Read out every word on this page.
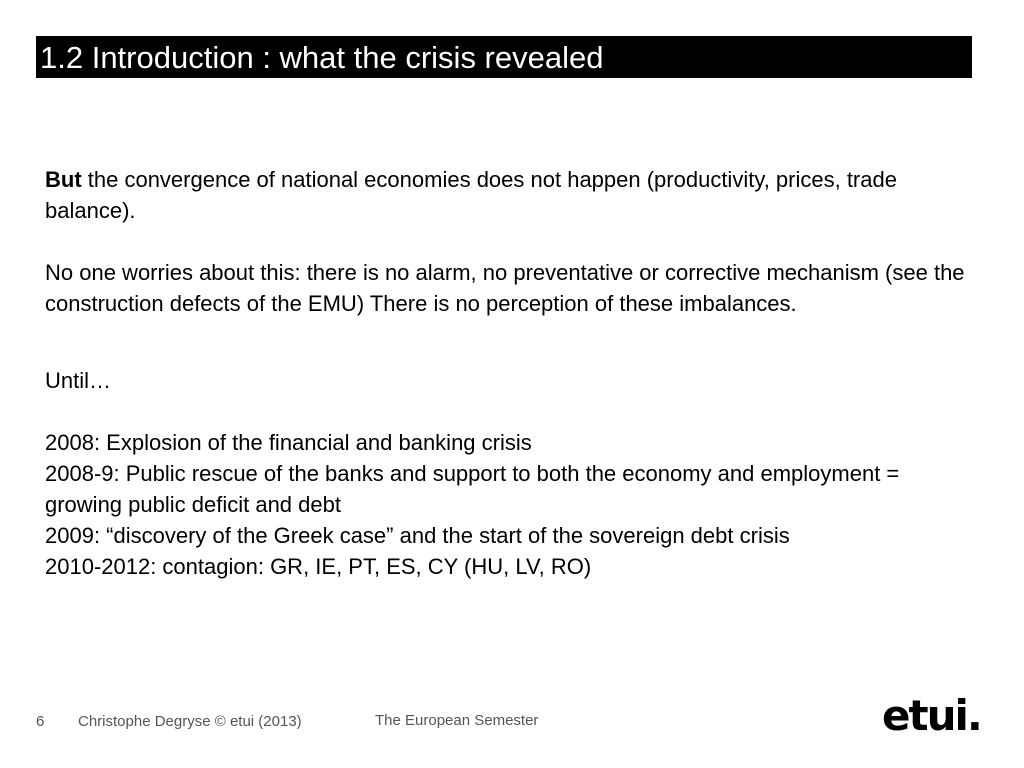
1.2 Introduction : what the crisis revealed

But the convergence of national economies does not happen (productivity, prices, trade balance).

No one worries about this: there is no alarm, no preventative or corrective mechanism (see the construction defects of the EMU) There is no perception of these imbalances.

Until…

2008: Explosion of the financial and banking crisis

2008-9: Public rescue of the banks and support to both the economy and employment = growing public deficit and debt

2009: “discovery of the Greek case” and the start of the sovereign debt crisis

2010-2012: contagion: GR, IE, PT, ES, CY (HU, LV, RO)

6 Christophe Degryse © etui (2013)	The European Semester	etui.
